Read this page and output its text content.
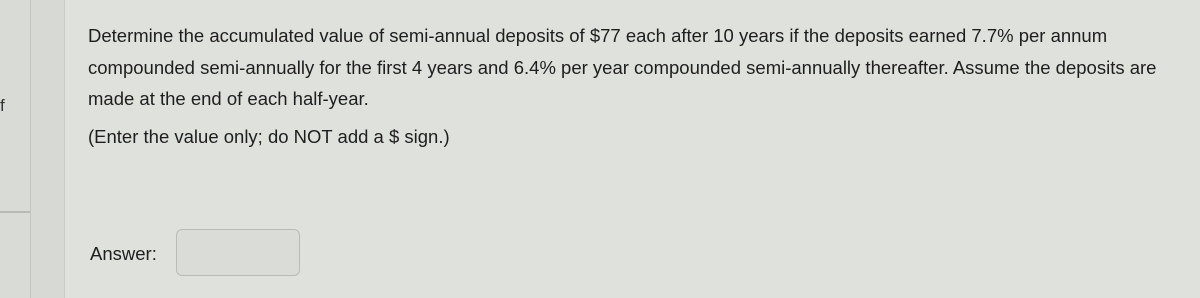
f

Determine the accumulated value of semi-annual deposits of $77 each after 10 years if the deposits earned 7.7% per annum compounded semi-annually for the first 4 years and 6.4% per year compounded semi-annually thereafter. Assume the deposits are made at the end of each half-year.

(Enter the value only; do NOT add a $ sign.)

Answer:
